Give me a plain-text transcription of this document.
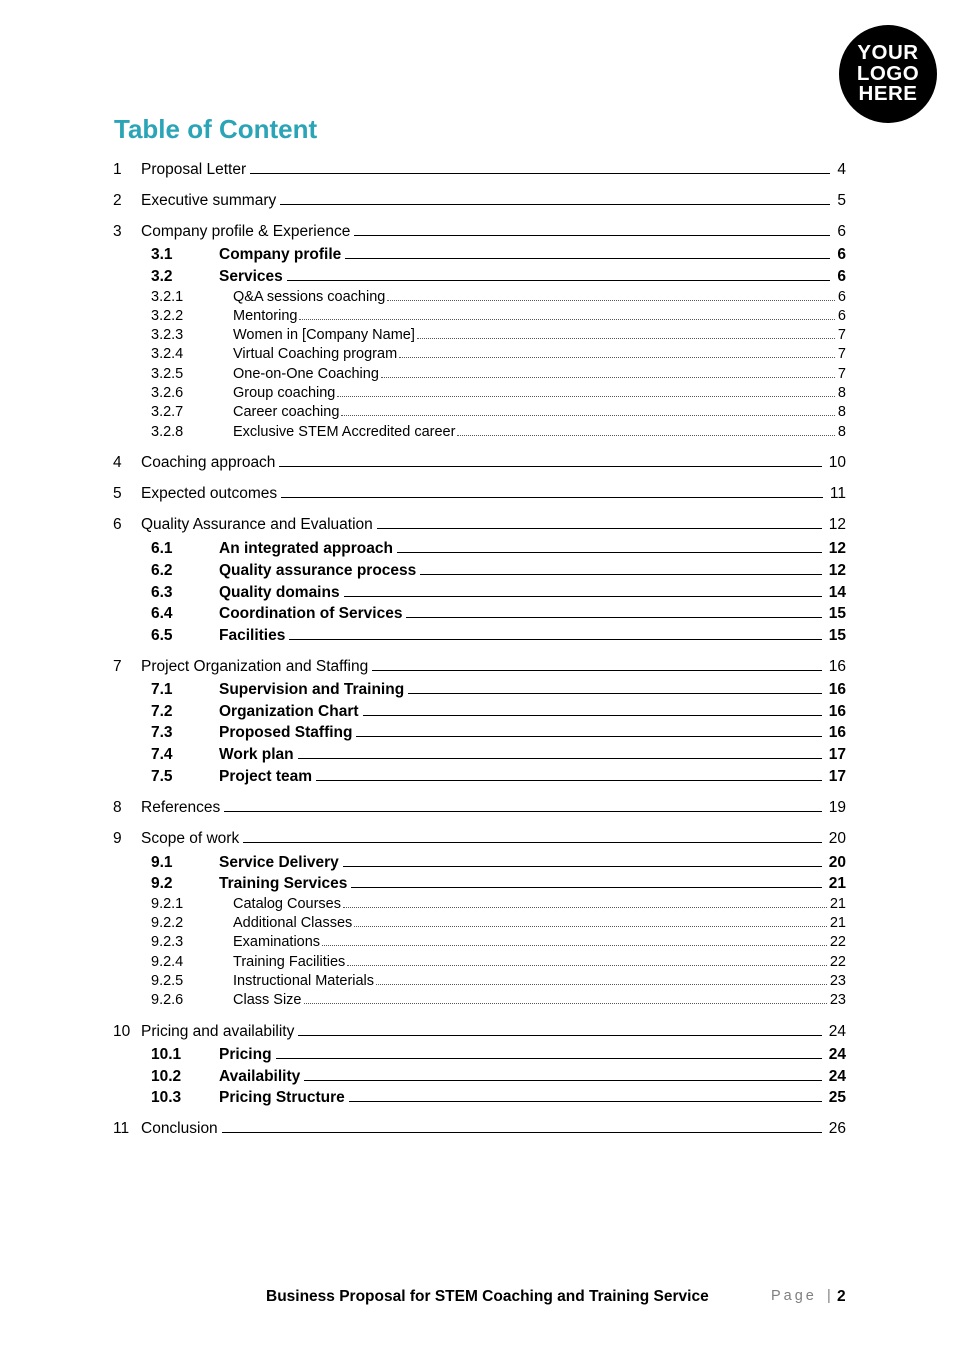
YOUR
LOGO
HERE
Table of Content
1	Proposal Letter	4
2	Executive summary	5
3	Company profile & Experience	6
3.1	Company profile	6
3.2	Services	6
3.2.1	Q&A sessions coaching	6
3.2.2	Mentoring	6
3.2.3	Women in [Company Name]	7
3.2.4	Virtual Coaching program	7
3.2.5	One-on-One Coaching	7
3.2.6	Group coaching	8
3.2.7	Career coaching	8
3.2.8	Exclusive STEM Accredited career	8
4	Coaching approach	10
5	Expected outcomes	11
6	Quality Assurance and Evaluation	12
6.1	An integrated approach	12
6.2	Quality assurance process	12
6.3	Quality domains	14
6.4	Coordination of Services	15
6.5	Facilities	15
7	Project Organization and Staffing	16
7.1	Supervision and Training	16
7.2	Organization Chart	16
7.3	Proposed Staffing	16
7.4	Work plan	17
7.5	Project team	17
8	References	19
9	Scope of work	20
9.1	Service Delivery	20
9.2	Training Services	21
9.2.1	Catalog Courses	21
9.2.2	Additional Classes	21
9.2.3	Examinations	22
9.2.4	Training Facilities	22
9.2.5	Instructional Materials	23
9.2.6	Class Size	23
10 Pricing and availability	24
10.1	Pricing	24
10.2	Availability	24
10.3	Pricing Structure	25
11 Conclusion	26

Business Proposal for STEM Coaching and Training Service	Page | 2
